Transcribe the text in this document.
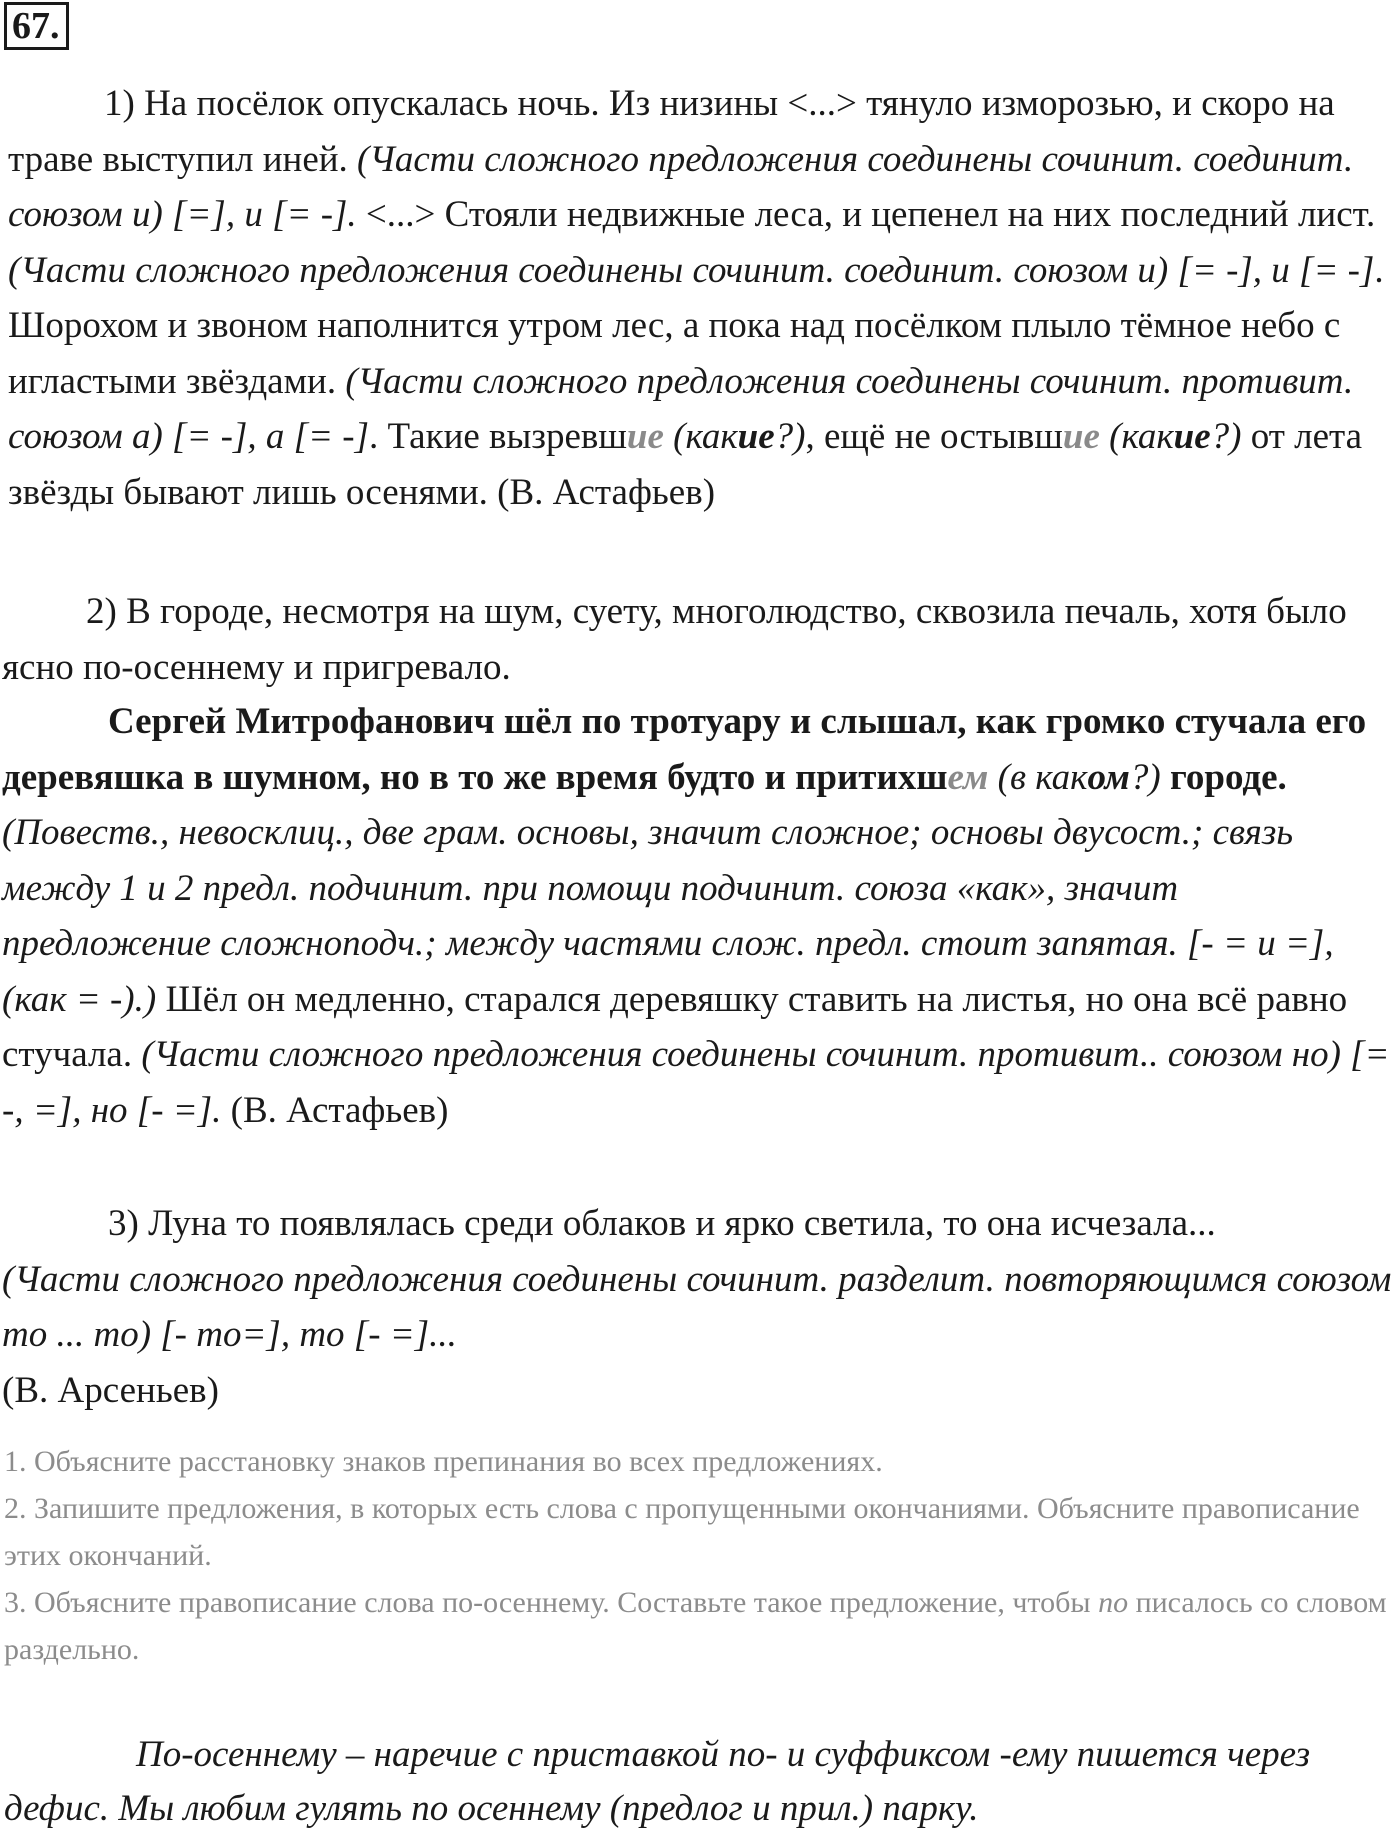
67.

1) На посёлок опускалась ночь. Из низины <...> тянуло изморозью, и скоро на траве выступил иней. (Части сложного предложения соединены сочинит. соединит. союзом и) [=], и [= -]. <...> Стояли недвижные леса, и цепенел на них последний лист. (Части сложного предложения соединены сочинит. соединит. союзом и) [= -], и [= -]. Шорохом и звоном наполнится утром лес, а пока над посёлком плыло тёмное небо с игластыми звёздами. (Части сложного предложения соединены сочинит. противит. союзом а) [= -], а [= -]. Такие вызревшие (какие?), ещё не остывшие (какие?) от лета звёзды бывают лишь осенями. (В. Астафьев)

2) В городе, несмотря на шум, суету, многолюдство, сквозила печаль, хотя было ясно по-осеннему и пригревало.

Сергей Митрофанович шёл по тротуару и слышал, как громко стучала его деревяшка в шумном, но в то же время будто и притихшем (в каком?) городе. (Повеств., невосклиц., две грам. основы, значит сложное; основы двусост.; связь между 1 и 2 предл. подчинит. при помощи подчинит. союза «как», значит предложение сложноподч.; между частями слож. предл. стоит запятая. [- = и =], (как = -).) Шёл он медленно, старался деревяшку ставить на листья, но она всё равно стучала. (Части сложного предложения соединены сочинит. противит.. союзом но) [= -, =], но [- =]. (В. Астафьев)

3) Луна то появлялась среди облаков и ярко светила, то она исчезала...
(Части сложного предложения соединены сочинит. разделит. повторяющимся союзом то ... то) [- то=], то [- =]...
(В. Арсеньев)

1. Объясните расстановку знаков препинания во всех предложениях.
2. Запишите предложения, в которых есть слова с пропущенными окончаниями. Объясните правописание этих окончаний.
3. Объясните правописание слова по-осеннему. Составьте такое предложение, чтобы по писалось со словом раздельно.

По-осеннему – наречие с приставкой по- и суффиксом -ему пишется через дефис. Мы любим гулять по осеннему (предлог и прил.) парку.
